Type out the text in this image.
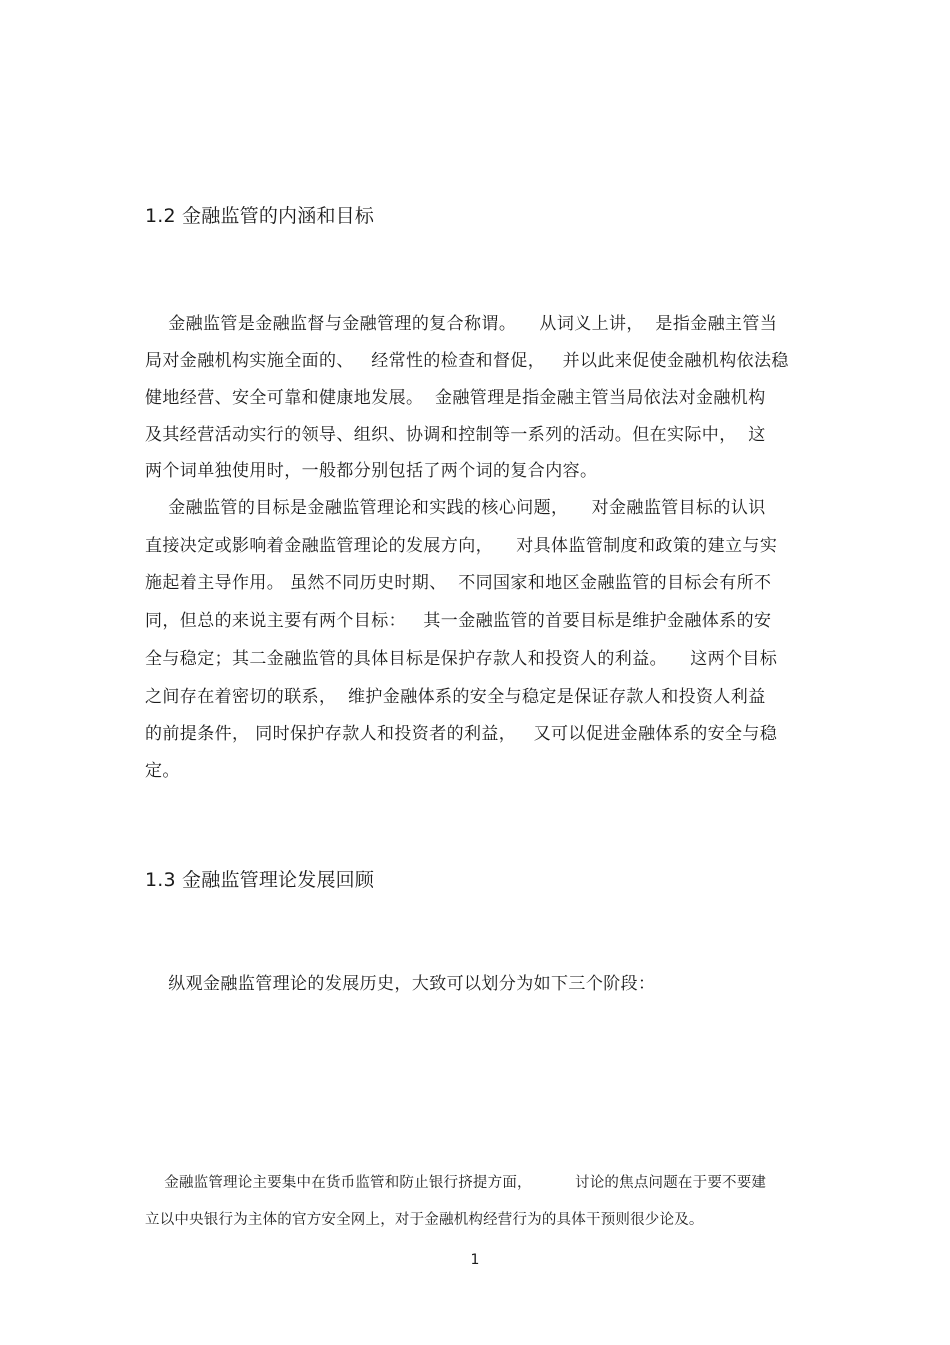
1.2 金融监管的内涵和目标
金融监管是金融监督与金融管理的复合称谓。    从词义上讲，  是指金融主管当
局对金融机构实施全面的、   经常性的检查和督促，   并以此来促使金融机构依法稳
健地经营、安全可靠和健康地发展。  金融管理是指金融主管当局依法对金融机构
及其经营活动实行的领导、组织、协调和控制等一系列的活动。但在实际中，  这
两个词单独使用时，一般都分别包括了两个词的复合内容。
金融监管的目标是金融监管理论和实践的核心问题，    对金融监管目标的认识
直接决定或影响着金融监管理论的发展方向，    对具体监管制度和政策的建立与实
施起着主导作用。 虽然不同历史时期、  不同国家和地区金融监管的目标会有所不
同，但总的来说主要有两个目标：   其一金融监管的首要目标是维护金融体系的安
全与稳定；其二金融监管的具体目标是保护存款人和投资人的利益。    这两个目标
之间存在着密切的联系，  维护金融体系的安全与稳定是保证存款人和投资人利益
的前提条件， 同时保护存款人和投资者的利益，   又可以促进金融体系的安全与稳
定。
1.3 金融监管理论发展回顾
纵观金融监管理论的发展历史，大致可以划分为如下三个阶段：
金融监管理论主要集中在货币监管和防止银行挤提方面，         讨论的焦点问题在于要不要建
立以中央银行为主体的官方安全网上，对于金融机构经营行为的具体干预则很少论及。
1
